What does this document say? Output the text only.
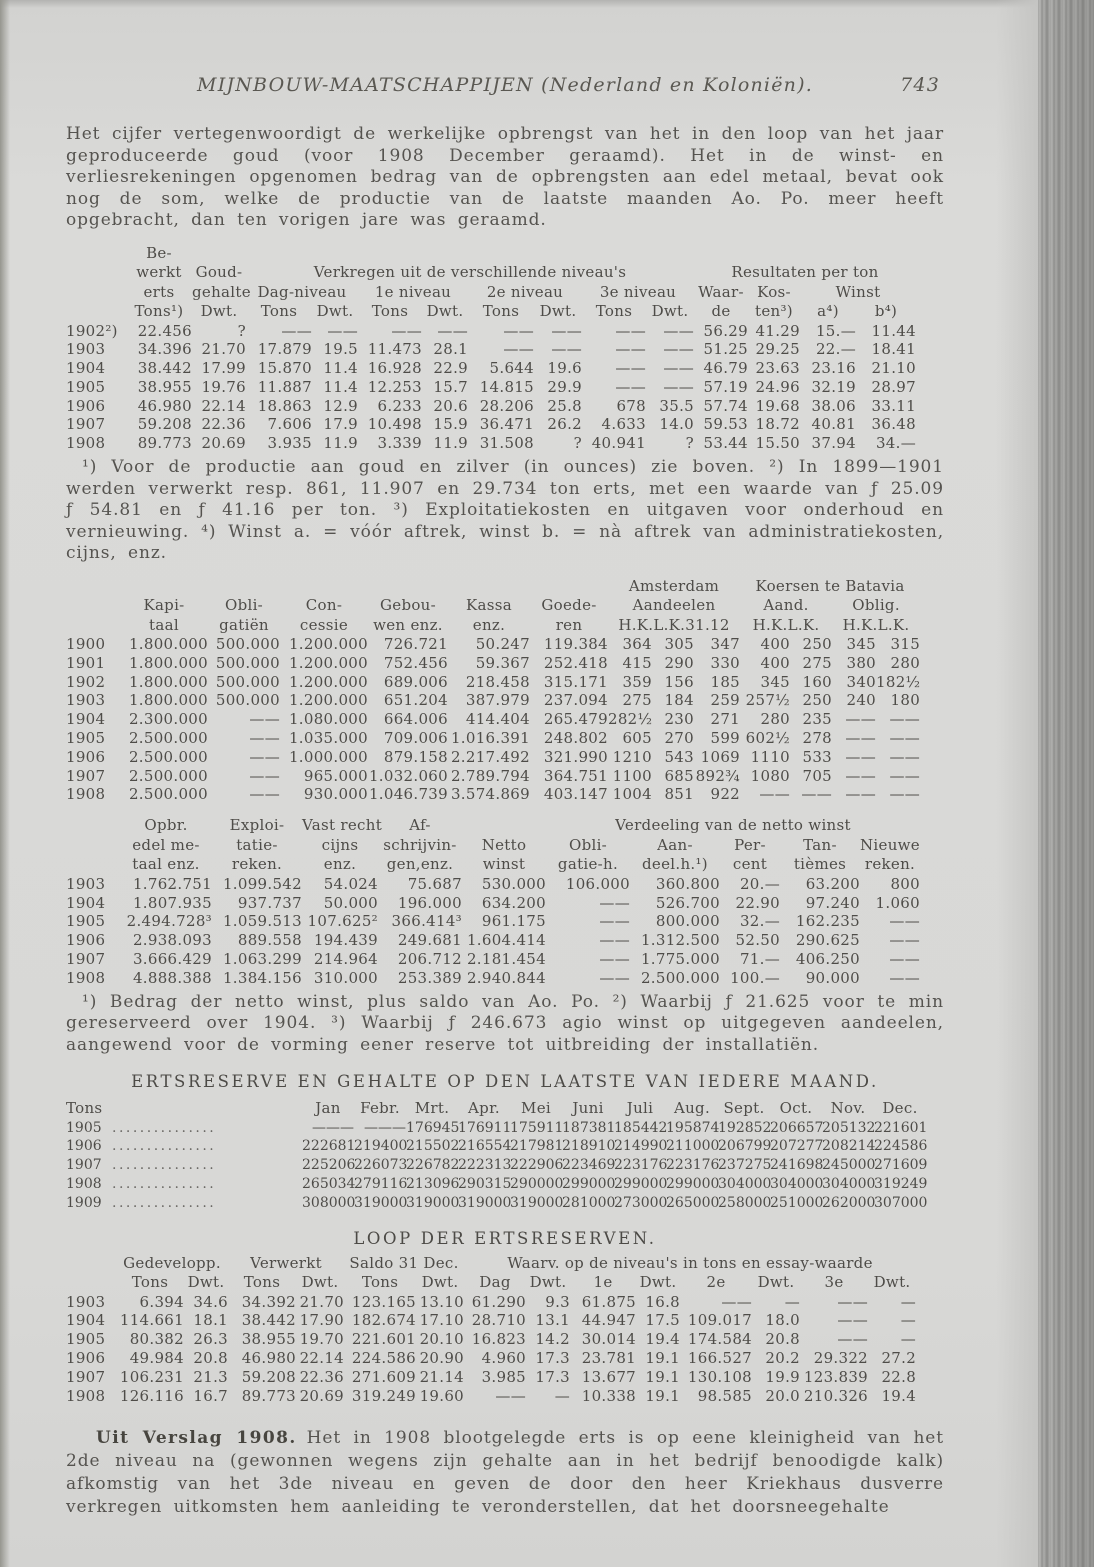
MIJNBOUW-MAATSCHAPPIJEN (Nederland en Koloniën).	743

Het cijfer vertegenwoordigt de werkelijke opbrengst van het in den loop van het jaar geproduceerde goud (voor 1908 December geraamd). Het in de winst- en verliesrekeningen opgenomen bedrag van de opbrengsten aan edel metaal, bevat ook nog de som, welke de productie van de laatste maanden Ao. Po. meer heeft opgebracht, dan ten vorigen jare was geraamd.

	Be-													
	werkt	Goud-	Verkregen uit de verschillende niveau's								Resultaten per ton			
	erts	gehalte	Dag-niveau		1e niveau		2e niveau		3e niveau		Waar-	Kos-	Winst	
	Tons¹)	Dwt.	Tons	Dwt.	Tons	Dwt.	Tons	Dwt.	Tons	Dwt.	de	ten³)	a⁴)	b⁴)
1902²)	22.456	?	——	——	——	——	——	——	——	——	56.29	41.29	15.—	11.44
1903	34.396	21.70	17.879	19.5	11.473	28.1	——	——	——	——	51.25	29.25	22.—	18.41
1904	38.442	17.99	15.870	11.4	16.928	22.9	5.644	19.6	——	——	46.79	23.63	23.16	21.10
1905	38.955	19.76	11.887	11.4	12.253	15.7	14.815	29.9	——	——	57.19	24.96	32.19	28.97
1906	46.980	22.14	18.863	12.9	6.233	20.6	28.206	25.8	678	35.5	57.74	19.68	38.06	33.11
1907	59.208	22.36	7.606	17.9	10.498	15.9	36.471	26.2	4.633	14.0	59.53	18.72	40.81	36.48
1908	89.773	20.69	3.935	11.9	3.339	11.9	31.508	?	40.941	?	53.44	15.50	37.94	34.—

¹) Voor de productie aan goud en zilver (in ounces) zie boven. ²) In 1899—1901 werden verwerkt resp. 861, 11.907 en 29.734 ton erts, met een waarde van ƒ 25.09 ƒ 54.81 en ƒ 41.16 per ton. ³) Exploitatiekosten en uitgaven voor onderhoud en vernieuwing. ⁴) Winst a. = vóór aftrek, winst b. = nà aftrek van administratiekosten, cijns, enz.

							Amsterdam			Koersen te Batavia			
	Kapi-	Obli-	Con-	Gebou-	Kassa	Goede-	Aandeelen			Aand.		Oblig.	
	taal	gatiën	cessie	wen enz.	enz.	ren	H.K.L.K.31.12			H.K.L.K.		H.K.L.K.	
1900	1.800.000	500.000	1.200.000	726.721	50.247	119.384	364	305	347	400	250	345	315
1901	1.800.000	500.000	1.200.000	752.456	59.367	252.418	415	290	330	400	275	380	280
1902	1.800.000	500.000	1.200.000	689.006	218.458	315.171	359	156	185	345	160	340	182½
1903	1.800.000	500.000	1.200.000	651.204	387.979	237.094	275	184	259	257½	250	240	180
1904	2.300.000	——	1.080.000	664.006	414.404	265.479	282½	230	271	280	235	——	——
1905	2.500.000	——	1.035.000	709.006	1.016.391	248.802	605	270	599	602½	278	——	——
1906	2.500.000	——	1.000.000	879.158	2.217.492	321.990	1210	543	1069	1110	533	——	——
1907	2.500.000	——	965.000	1.032.060	2.789.794	364.751	1100	685	892¾	1080	705	——	——
1908	2.500.000	——	930.000	1.046.739	3.574.869	403.147	1004	851	922	——	——	——	——
	Opbr.	Exploi-	Vast recht	Af-		Verdeeling van de netto winst				
	edel me-	tatie-	cijns	schrijvin-	Netto	Obli-	Aan-	Per-	Tan-	Nieuwe
	taal enz.	reken.	enz.	gen,enz.	winst	gatie-h.	deel.h.¹)	cent	tièmes	reken.
1903	1.762.751	1.099.542	54.024	75.687	530.000	106.000	360.800	20.—	63.200	800
1904	1.807.935	937.737	50.000	196.000	634.200	——	526.700	22.90	97.240	1.060
1905	2.494.728³	1.059.513	107.625²	366.414³	961.175	——	800.000	32.—	162.235	——
1906	2.938.093	889.558	194.439	249.681	1.604.414	——	1.312.500	52.50	290.625	——
1907	3.666.429	1.063.299	214.964	206.712	2.181.454	——	1.775.000	71.—	406.250	——
1908	4.888.388	1.384.156	310.000	253.389	2.940.844	——	2.500.000	100.—	90.000	——

¹) Bedrag der netto winst, plus saldo van Ao. Po. ²) Waarbij ƒ 21.625 voor te min gereserveerd over 1904. ³) Waarbij ƒ 246.673 agio winst op uitgegeven aandeelen, aangewend voor de vorming eener reserve tot uitbreiding der installatiën.

ERTSRESERVE EN GEHALTE OP DEN LAATSTE VAN IEDERE MAAND.
Tons		Jan	Febr.	Mrt.	Apr.	Mei	Juni	Juli	Aug.	Sept.	Oct.	Nov.	Dec.
1905	...............	———	———	176945	176911	175911	187381	185442	195874	192852	206657	205132	221601
1906	...............	222681	219400	215502	216554	217981	218910	214990	211000	206799	207277	208214	224586
1907	...............	225206	226073	226782	222313	222906	223469	223176	223176	237275	241698	245000	271609
1908	...............	265034	279116	213096	290315	290000	299000	299000	299000	304000	304000	304000	319249
1909	...............	308000	319000	319000	319000	319000	281000	273000	265000	258000	251000	262000	307000
LOOP DER ERTSRESERVEN.
	Gedevelopp.		Verwerkt		Saldo 31 Dec.		Waarv. op de niveau's in tons en essay-waarde							
	Tons	Dwt.	Tons	Dwt.	Tons	Dwt.	Dag	Dwt.	1e	Dwt.	2e	Dwt.	3e	Dwt.
1903	6.394	34.6	34.392	21.70	123.165	13.10	61.290	9.3	61.875	16.8	——	—	——	—
1904	114.661	18.1	38.442	17.90	182.674	17.10	28.710	13.1	44.947	17.5	109.017	18.0	——	—
1905	80.382	26.3	38.955	19.70	221.601	20.10	16.823	14.2	30.014	19.4	174.584	20.8	——	—
1906	49.984	20.8	46.980	22.14	224.586	20.90	4.960	17.3	23.781	19.1	166.527	20.2	29.322	27.2
1907	106.231	21.3	59.208	22.36	271.609	21.14	3.985	17.3	13.677	19.1	130.108	19.9	123.839	22.8
1908	126.116	16.7	89.773	20.69	319.249	19.60	——	—	10.338	19.1	98.585	20.0	210.326	19.4

Uit Verslag 1908. Het in 1908 blootgelegde erts is op eene kleinigheid van het 2de niveau na (gewonnen wegens zijn gehalte aan in het bedrijf benoodigde kalk) afkomstig van het 3de niveau en geven de door den heer Kriekhaus dusverre verkregen uitkomsten hem aanleiding te veronderstellen, dat het doorsneegehalte
